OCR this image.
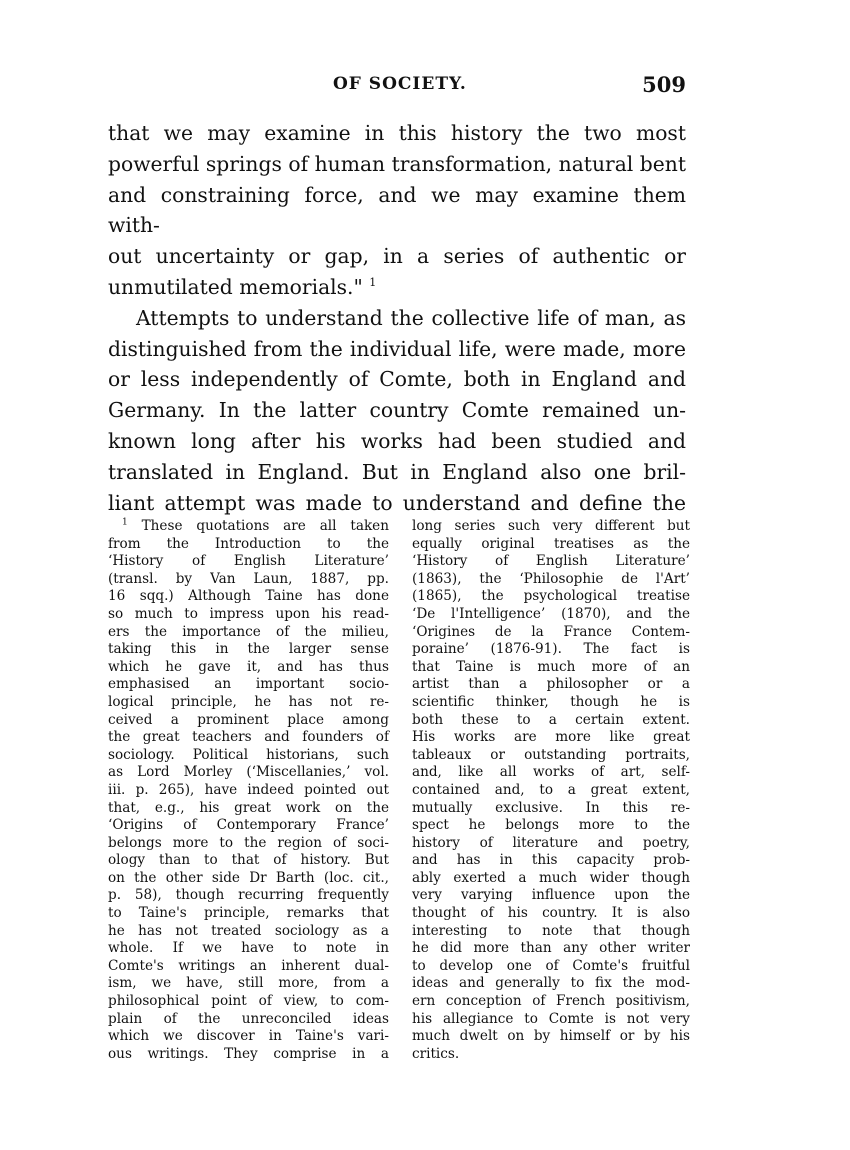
OF SOCIETY.	509

that we may examine in this history the two most

powerful springs of human transformation, natural bent

and constraining force, and we may examine them with-

out uncertainty or gap, in a series of authentic or

unmutilated memorials." $^1$

Attempts to understand the collective life of man, as

distinguished from the individual life, were made, more

or less independently of Comte, both in England and

Germany. In the latter country Comte remained un-

known long after his works had been studied and

translated in England. But in England also one bril-

liant attempt was made to understand and define the

$^1$ These quotations are all taken

from the Introduction to the

‘History of English Literature’

(transl. by Van Laun, 1887, pp.

16 sqq.) Although Taine has done

so much to impress upon his read-

ers the importance of the milieu,

taking this in the larger sense

which he gave it, and has thus

emphasised an important socio-

logical principle, he has not re-

ceived a prominent place among

the great teachers and founders of

sociology. Political historians, such

as Lord Morley (‘Miscellanies,’ vol.

iii. p. 265), have indeed pointed out

that, e.g., his great work on the

‘Origins of Contemporary France’

belongs more to the region of soci-

ology than to that of history. But

on the other side Dr Barth (loc. cit.,

p. 58), though recurring frequently

to Taine's principle, remarks that

he has not treated sociology as a

whole. If we have to note in

Comte's writings an inherent dual-

ism, we have, still more, from a

philosophical point of view, to com-

plain of the unreconciled ideas

which we discover in Taine's vari-

ous writings. They comprise in a

long series such very different but

equally original treatises as the

‘History of English Literature’

(1863), the ‘Philosophie de l'Art’

(1865), the psychological treatise

‘De l'Intelligence’ (1870), and the

‘Origines de la France Contem-

poraine’ (1876-91). The fact is

that Taine is much more of an

artist than a philosopher or a

scientific thinker, though he is

both these to a certain extent.

His works are more like great

tableaux or outstanding portraits,

and, like all works of art, self-

contained and, to a great extent,

mutually exclusive. In this re-

spect he belongs more to the

history of literature and poetry,

and has in this capacity prob-

ably exerted a much wider though

very varying influence upon the

thought of his country. It is also

interesting to note that though

he did more than any other writer

to develop one of Comte's fruitful

ideas and generally to fix the mod-

ern conception of French positivism,

his allegiance to Comte is not very

much dwelt on by himself or by his

critics.
